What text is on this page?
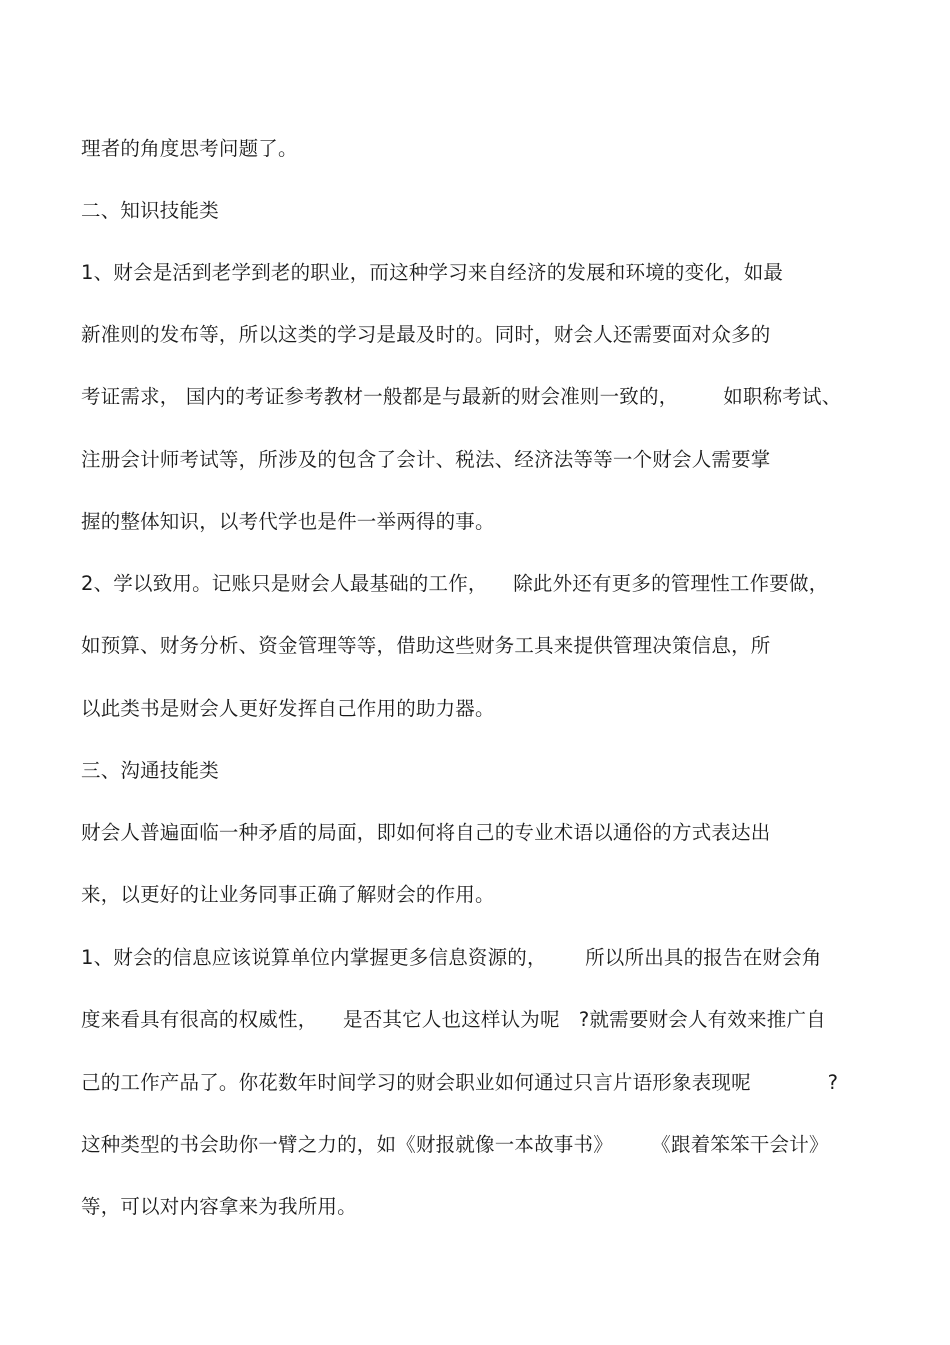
理者的角度思考问题了。
二、知识技能类
1、财会是活到老学到老的职业，而这种学习来自经济的发展和环境的变化，如最
新准则的发布等，所以这类的学习是最及时的。同时，财会人还需要面对众多的
考证需求， 国内的考证参考教材一般都是与最新的财会准则一致的，       如职称考试、
注册会计师考试等，所涉及的包含了会计、税法、经济法等等一个财会人需要掌
握的整体知识，以考代学也是件一举两得的事。
2、学以致用。记账只是财会人最基础的工作，    除此外还有更多的管理性工作要做，
如预算、财务分析、资金管理等等，借助这些财务工具来提供管理决策信息，所
以此类书是财会人更好发挥自己作用的助力器。
三、沟通技能类
财会人普遍面临一种矛盾的局面，即如何将自己的专业术语以通俗的方式表达出
来，以更好的让业务同事正确了解财会的作用。
1、财会的信息应该说算单位内掌握更多信息资源的，      所以所出具的报告在财会角
度来看具有很高的权威性，    是否其它人也这样认为呢   ?就需要财会人有效来推广自
己的工作产品了。你花数年时间学习的财会职业如何通过只言片语形象表现呢            ?
这种类型的书会助你一臂之力的，如《财报就像一本故事书》      《跟着笨笨干会计》
等，可以对内容拿来为我所用。
